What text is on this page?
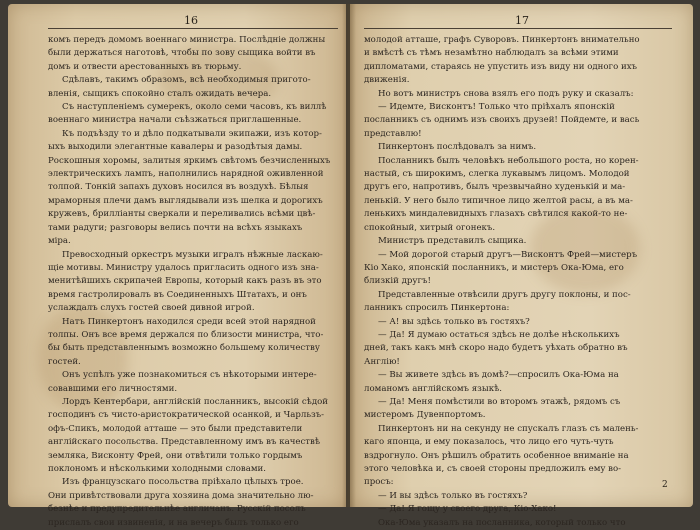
16
комъ передъ домомъ военнаго министра. Послѣдніе должны
были держаться наготовѣ, чтобы по зову сыщика войти въ
домъ и отвести арестованныхъ въ тюрьму.
Сдѣлавъ, такимъ образомъ, всѣ необходимыя пригото-
вленія, сыщикъ спокойно сталъ ожидать вечера.
Съ наступленіемъ сумерекъ, около семи часовъ, къ виллѣ
военнаго министра начали съѣзжаться приглашенные.
Къ подъѣзду то и дѣло подкатывали экипажи, изъ котор-
ыхъ выходили элегантные кавалеры и разодѣтыя дамы.
Роскошныя хоромы, залитыя яркимъ свѣтомъ безчисленныхъ
электрическихъ лампъ, наполнились нарядной оживленной
толпой. Тонкій запахъ духовъ носился въ воздухѣ. Бѣлыя
мраморныя плечи дамъ выглядывали изъ шелка и дорогихъ
кружевъ, брилліанты сверкали и переливались всѣми цвѣ-
тами радуги; разговоры велись почти на всѣхъ языкахъ
міра.
Превосходный оркестръ музыки игралъ нѣжные ласкаю-
щіе мотивы. Министру удалось пригласить одного изъ зна-
менитѣйшихъ скрипачей Европы, который какъ разъ въ это
время гастролировалъ въ Соединенныхъ Штатахъ, и онъ
услаждалъ слухъ гостей своей дивной игрой.
Натъ Пинкертонъ находился среди всей этой нарядной
толпы. Онъ все время держался по близости министра, что-
бы быть представленнымъ возможно большему количеству
гостей.
Онъ успѣлъ уже познакомиться съ нѣкоторыми интере-
совавшими его личностями.
Лордъ Кентербари, англійскій посланникъ, высокій сѣдой
господинъ съ чисто-аристократической осанкой, и Чарльзъ-
офъ-Спикъ, молодой атташе — это были представители
англійскаго посольства. Представленному имъ въ качествѣ
земляка, Висконту Фрей, они отвѣтили только гордымъ
поклономъ и нѣсколькими холодными словами.
Изъ французскаго посольства пріѣхало цѣлыхъ трое.
Они привѣтствовали друга хозяина дома значительно лю-
безнѣе и предупредительнѣе англичанъ. Русскій посолъ
прислалъ свои извиненія, и на вечеръ былъ только его
17
молодой атташе, графъ Суворовъ. Пинкертонъ внимательно
и вмѣстѣ съ тѣмъ незамѣтно наблюдалъ за всѣми этими
дипломатами, стараясь не упустить изъ виду ни одного ихъ
движенія.
Но вотъ министръ снова взялъ его подъ руку и сказалъ:
— Идемте, Висконтъ! Только что пріѣхалъ японскій
посланникъ съ однимъ изъ своихъ друзей! Пойдемте, и вась
представлю!
Пинкертонъ послѣдовалъ за нимъ.
Посланникъ былъ человѣкъ небольшого роста, но корен-
настый, съ широкимъ, слегка лукавымъ лицомъ. Молодой
другъ его, напротивъ, былъ чрезвычайно худенькій и ма-
ленькій. У него было типичное лицо желтой расы, а въ ма-
ленькихъ миндалевидныхъ глазахъ свѣтился какой-то не-
спокойный, хитрый огонекъ.
Министръ представилъ сыщика.
— Мой дорогой старый другъ—Висконтъ Фрей—мистеръ
Кіо Хако, японскій посланникъ, и мистеръ Ока-Юма, его
близкій другъ!
Представленные отвѣсили другъ другу поклоны, и пос-
ланникъ спросилъ Пинкертона:
— А! вы здѣсь только въ гостяхъ?
— Да! Я думаю остаться здѣсь не долѣе нѣсколькихъ
дней, такъ какъ мнѣ скоро надо будетъ уѣхать обратно въ
Англію!
— Вы живете здѣсь въ домѣ?—спросилъ Ока-Юма на
ломаномъ англійскомъ языкѣ.
— Да! Меня помѣстили во второмъ этажѣ, рядомъ съ
мистеромъ Дувенпортомъ.
Пинкертонъ ни на секунду не спускалъ глазъ съ малень-
каго японца, и ему показалось, что лицо его чуть-чуть
вздрогнуло. Онъ рѣшилъ обратить особенное вниманіе на
этого человѣка и, съ своей стороны предложилъ ему во-
просъ:
— И вы здѣсь только въ гостяхъ?
— Да! Я гощу у своего друга, Кіо-Хако!
Ока-Юма указалъ на посланника, который только что
2
